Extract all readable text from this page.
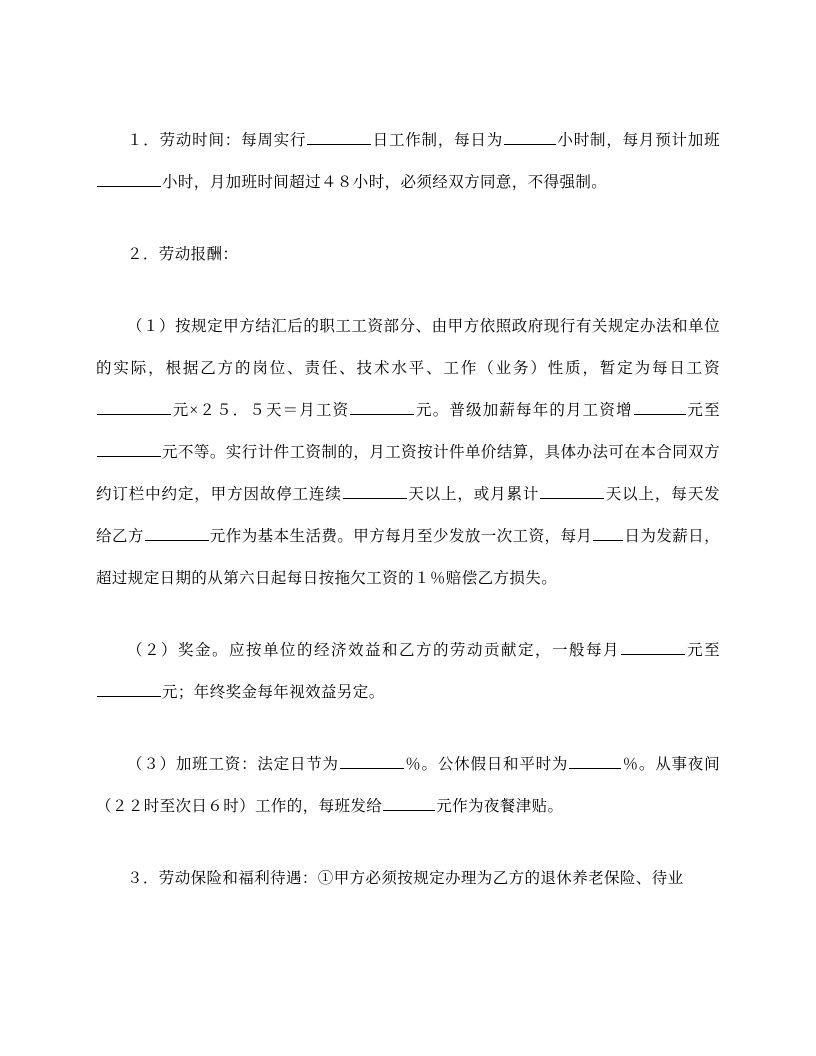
１．劳动时间：每周实行	日工作制，每日为	小时制，每月预计加班小时，月加班时间超过４８小时，必须经双方同意，不得强制。
２．劳动报酬：
（１）按规定甲方结汇后的职工工资部分、由甲方依照政府现行有关规定办法和单位的实际，根据乙方的岗位、责任、技术水平、工作（业务）性质，暂定为每日工资元×２５．５天＝月工资	元。普级加薪每年的月工资增	元至元不等。实行计件工资制的，月工资按计件单价结算，具体办法可在本合同双方约订栏中约定，甲方因故停工连续	天以上，或月累计	天以上，每天发给乙方	元作为基本生活费。甲方每月至少发放一次工资，每月 日为发薪日，超过规定日期的从第六日起每日按拖欠工资的１％赔偿乙方损失。
（２）奖金。应按单位的经济效益和乙方的劳动贡献定，一般每月	元至元；年终奖金每年视效益另定。
（３）加班工资：法定日节为	％。公休假日和平时为	％。从事夜间（２２时至次日６时）工作的，每班发给	元作为夜餐津贴。
３．劳动保险和福利待遇：①甲方必须按规定办理为乙方的退休养老保险、待业
